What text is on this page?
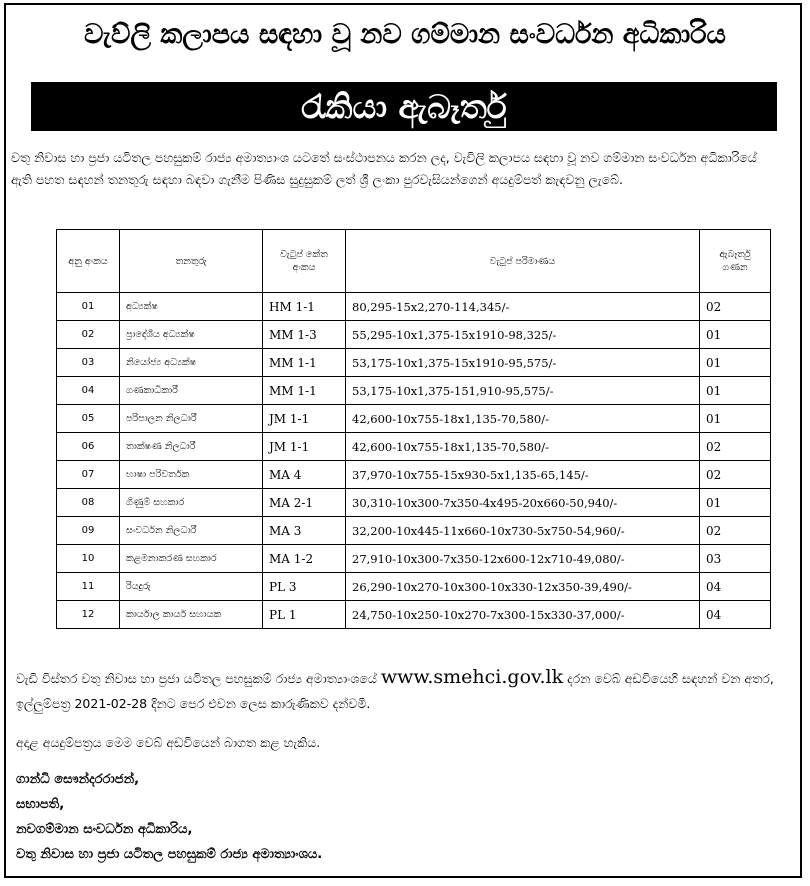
වැව්ලි කලාපය සඳහා වූ නව ගම්මාන සංවර්ධන අධිකාරිය
රැකියා ඇබෑර්තු
වතු නිවාස හා ප්‍රජා යටිතල පහසුකම් රාජ්‍ය අමාත්‍යාංශ යටතේ සංස්ථාපනය කරන ලද, වැවිලි කලාපය සඳහා වූ නව ගම්මාන සංවර්ධන අධිකාරියේ ඇති පහත සඳහන් තනතුරු සඳහා බඳවා ගැනීම පිණිස සුදුසුකම් ලත් ශ්‍රී ලංකා පුරවැසියන්ගෙන් අයදුම්පත් කැඳවනු ලැබේ.
අනු අංකය	තනතුරු	වැටුප් කේත අංකය	වැටුප් පරිමාණය	ඇබෑර්තු ගණන
01	අධ්‍යක්ෂ	HM 1-1	80,295-15x2,270-114,345/-	02
02	ප්‍රාදේශීය අධ්‍යක්ෂ	MM 1-3	55,295-10x1,375-15x1910-98,325/-	01
03	නියෝජ්‍ය අධ්‍යක්ෂ	MM 1-1	53,175-10x1,375-15x1910-95,575/-	01
04	ගණකාධිකාරී	MM 1-1	53,175-10x1,375-151,910-95,575/-	01
05	පරිපාලන නිලධාරී	JM 1-1	42,600-10x755-18x1,135-70,580/-	01
06	තාක්ෂණ නිලධාරී	JM 1-1	42,600-10x755-18x1,135-70,580/-	02
07	භාෂා පරිවර්තක	MA 4	37,970-10x755-15x930-5x1,135-65,145/-	02
08	ගිණුම් සහකාර	MA 2-1	30,310-10x300-7x350-4x495-20x660-50,940/-	01
09	සංවර්ධන නිලධාරී	MA 3	32,200-10x445-11x660-10x730-5x750-54,960/-	02
10	කළමනාකරණ සහකාර	MA 1-2	27,910-10x300-7x350-12x600-12x710-49,080/-	03
11	රියදුරු	PL 3	26,290-10x270-10x300-10x330-12x350-39,490/-	04
12	කාර්යාල කාර්ය සහායක	PL 1	24,750-10x250-10x270-7x300-15x330-37,000/-	04
වැඩි විස්තර වතු නිවාස හා ප්‍රජා යටිතල පහසුකම් රාජ්‍ය අමාත්‍යාංශයේ www.smehci.gov.lk දරන වෙබ් අඩවියෙහි සඳහන් වන අතර, ඉල්ලුම්පත්‍ර 2021-02-28 දිනට පෙර එවන ලෙස කාරුණිකව දන්වමි.
අදාළ අයදුම්පත්‍රය මෙම වෙබ් අඩවියෙන් බාගත කළ හැකිය.
ගාන්ධි සෞන්දරරාජන්,
සභාපති,
නවගම්මාන සංවර්ධන අධිකාරිය,
වතු නිවාස හා ප්‍රජා යටිතල පහසුකම් රාජ්‍ය අමාත්‍යාංශය.
